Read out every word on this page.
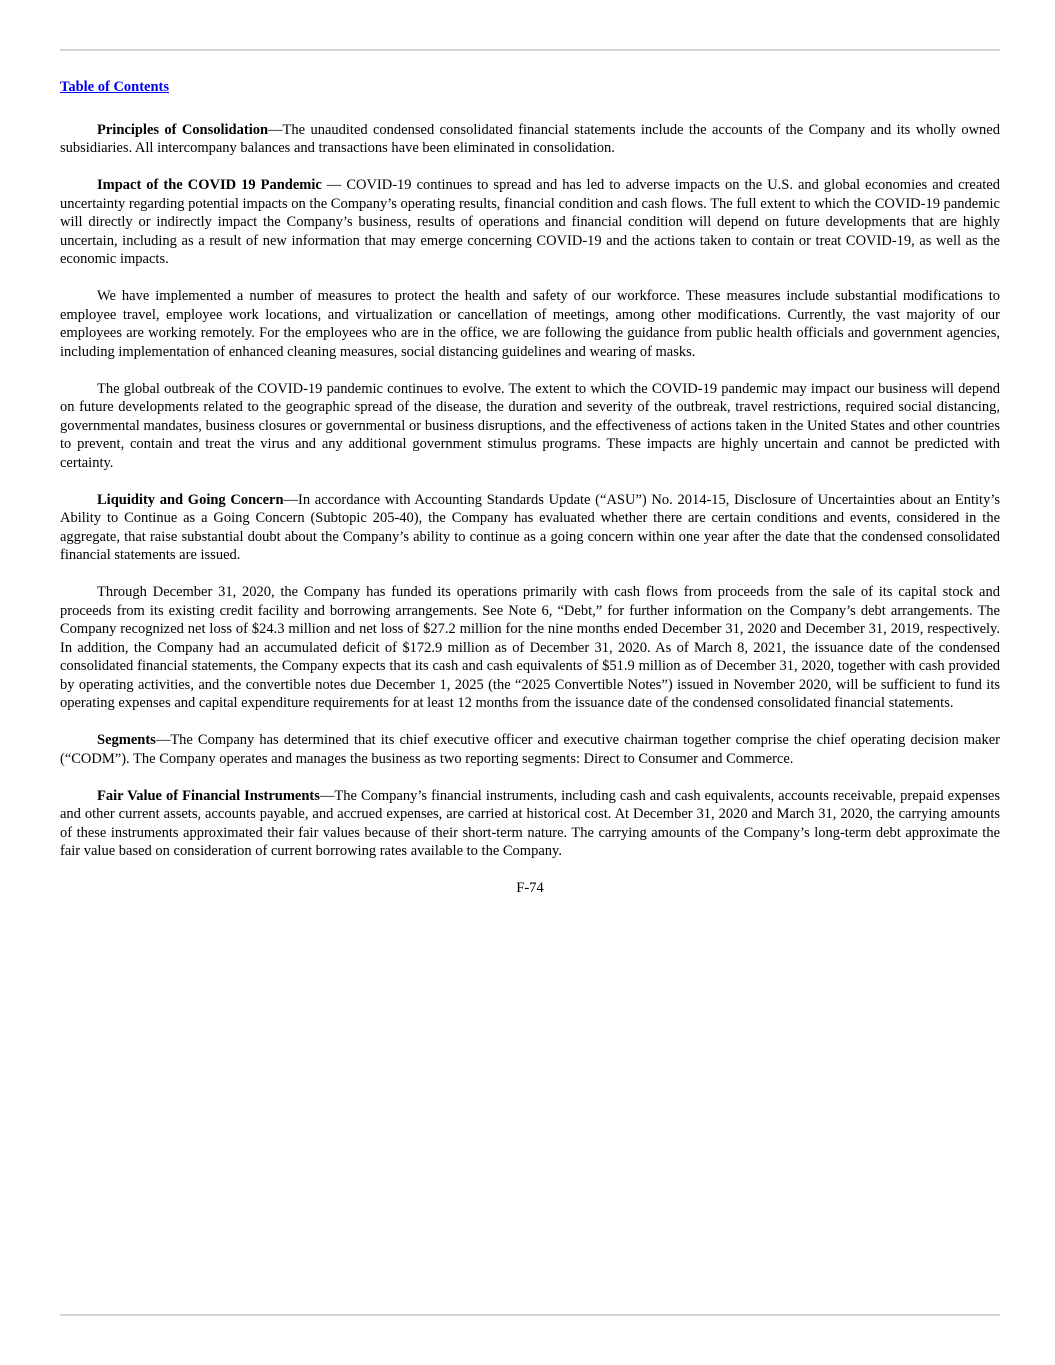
Table of Contents

Principles of Consolidation—The unaudited condensed consolidated financial statements include the accounts of the Company and its wholly owned subsidiaries. All intercompany balances and transactions have been eliminated in consolidation.

Impact of the COVID 19 Pandemic — COVID-19 continues to spread and has led to adverse impacts on the U.S. and global economies and created uncertainty regarding potential impacts on the Company’s operating results, financial condition and cash flows. The full extent to which the COVID-19 pandemic will directly or indirectly impact the Company’s business, results of operations and financial condition will depend on future developments that are highly uncertain, including as a result of new information that may emerge concerning COVID-19 and the actions taken to contain or treat COVID-19, as well as the economic impacts.

We have implemented a number of measures to protect the health and safety of our workforce. These measures include substantial modifications to employee travel, employee work locations, and virtualization or cancellation of meetings, among other modifications. Currently, the vast majority of our employees are working remotely. For the employees who are in the office, we are following the guidance from public health officials and government agencies, including implementation of enhanced cleaning measures, social distancing guidelines and wearing of masks.

The global outbreak of the COVID-19 pandemic continues to evolve. The extent to which the COVID-19 pandemic may impact our business will depend on future developments related to the geographic spread of the disease, the duration and severity of the outbreak, travel restrictions, required social distancing, governmental mandates, business closures or governmental or business disruptions, and the effectiveness of actions taken in the United States and other countries to prevent, contain and treat the virus and any additional government stimulus programs. These impacts are highly uncertain and cannot be predicted with certainty.

Liquidity and Going Concern—In accordance with Accounting Standards Update (“ASU”) No. 2014-15, Disclosure of Uncertainties about an Entity’s Ability to Continue as a Going Concern (Subtopic 205-40), the Company has evaluated whether there are certain conditions and events, considered in the aggregate, that raise substantial doubt about the Company’s ability to continue as a going concern within one year after the date that the condensed consolidated financial statements are issued.

Through December 31, 2020, the Company has funded its operations primarily with cash flows from proceeds from the sale of its capital stock and proceeds from its existing credit facility and borrowing arrangements. See Note 6, “Debt,” for further information on the Company’s debt arrangements. The Company recognized net loss of $24.3 million and net loss of $27.2 million for the nine months ended December 31, 2020 and December 31, 2019, respectively. In addition, the Company had an accumulated deficit of $172.9 million as of December 31, 2020. As of March 8, 2021, the issuance date of the condensed consolidated financial statements, the Company expects that its cash and cash equivalents of $51.9 million as of December 31, 2020, together with cash provided by operating activities, and the convertible notes due December 1, 2025 (the “2025 Convertible Notes”) issued in November 2020, will be sufficient to fund its operating expenses and capital expenditure requirements for at least 12 months from the issuance date of the condensed consolidated financial statements.

Segments—The Company has determined that its chief executive officer and executive chairman together comprise the chief operating decision maker (“CODM”). The Company operates and manages the business as two reporting segments: Direct to Consumer and Commerce.

Fair Value of Financial Instruments—The Company’s financial instruments, including cash and cash equivalents, accounts receivable, prepaid expenses and other current assets, accounts payable, and accrued expenses, are carried at historical cost. At December 31, 2020 and March 31, 2020, the carrying amounts of these instruments approximated their fair values because of their short-term nature. The carrying amounts of the Company’s long-term debt approximate the fair value based on consideration of current borrowing rates available to the Company.

F-74
